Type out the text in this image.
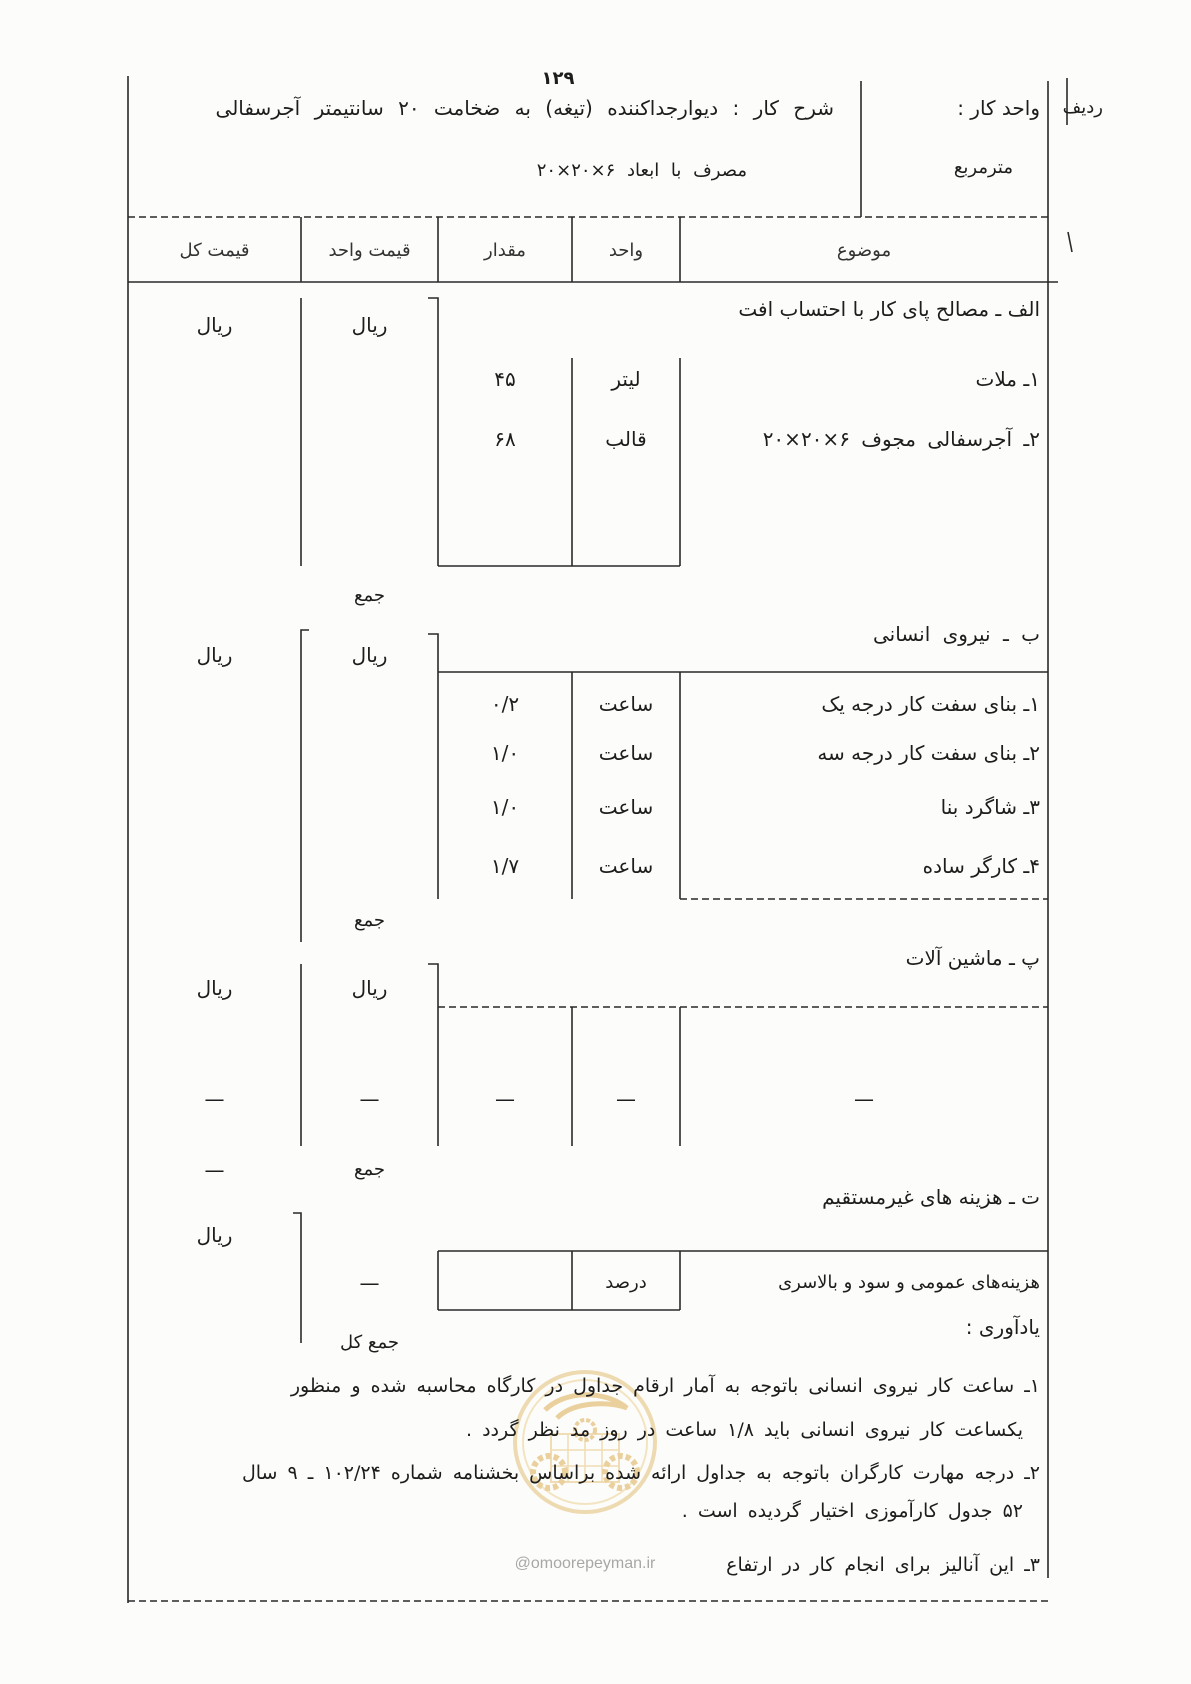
۱۲۹
ردیف
واحد کار :
مترمربع
شرح کار : دیوارجداکننده (تیغه) به ضخامت ۲۰ سانتیمتر آجرسفالی
مصرف با ابعاد ۶×۲۰×۲۰
موضوع
واحد
مقدار
قیمت واحد
قیمت کل
الف ـ مصالح پای کار با احتساب افت
ریال
ریال
۱ـ ملات
لیتر
۴۵
۲ـ آجرسفالی مجوف ۶×۲۰×۲۰
قالب
۶۸
جمع
ب ـ نیروی انسانی
ریال
ریال
۱ـ بنای سفت کار درجه یک
ساعت
۰/۲
۲ـ بنای سفت کار درجه سه
ساعت
۱/۰
۳ـ شاگرد بنا
ساعت
۱/۰
۴ـ کارگر ساده
ساعت
۱/۷
جمع
پ ـ ماشین آلات
ریال
ریال
—
—
—
—
—
جمع
—
ت ـ هزینه های غیرمستقیم
ریال
هزینه‌های عمومی و سود و بالاسری
درصد
—
یادآوری :
جمع کل
۱ـ ساعت کار نیروی انسانی باتوجه به آمار ارقام جداول در کارگاه محاسبه شده و منظور
یکساعت کار نیروی انسانی باید ۱/۸ ساعت در روز مد نظر گردد .
۲ـ درجه مهارت کارگران باتوجه به جداول ارائه شده براساس بخشنامه شماره ۱۰۲/۲۴ ـ ۹ سال
۵۲ جدول کارآموزی اختیار گردیده است .
۳ـ این آنالیز برای انجام کار در ارتفاع
@omoorepeyman.ir
